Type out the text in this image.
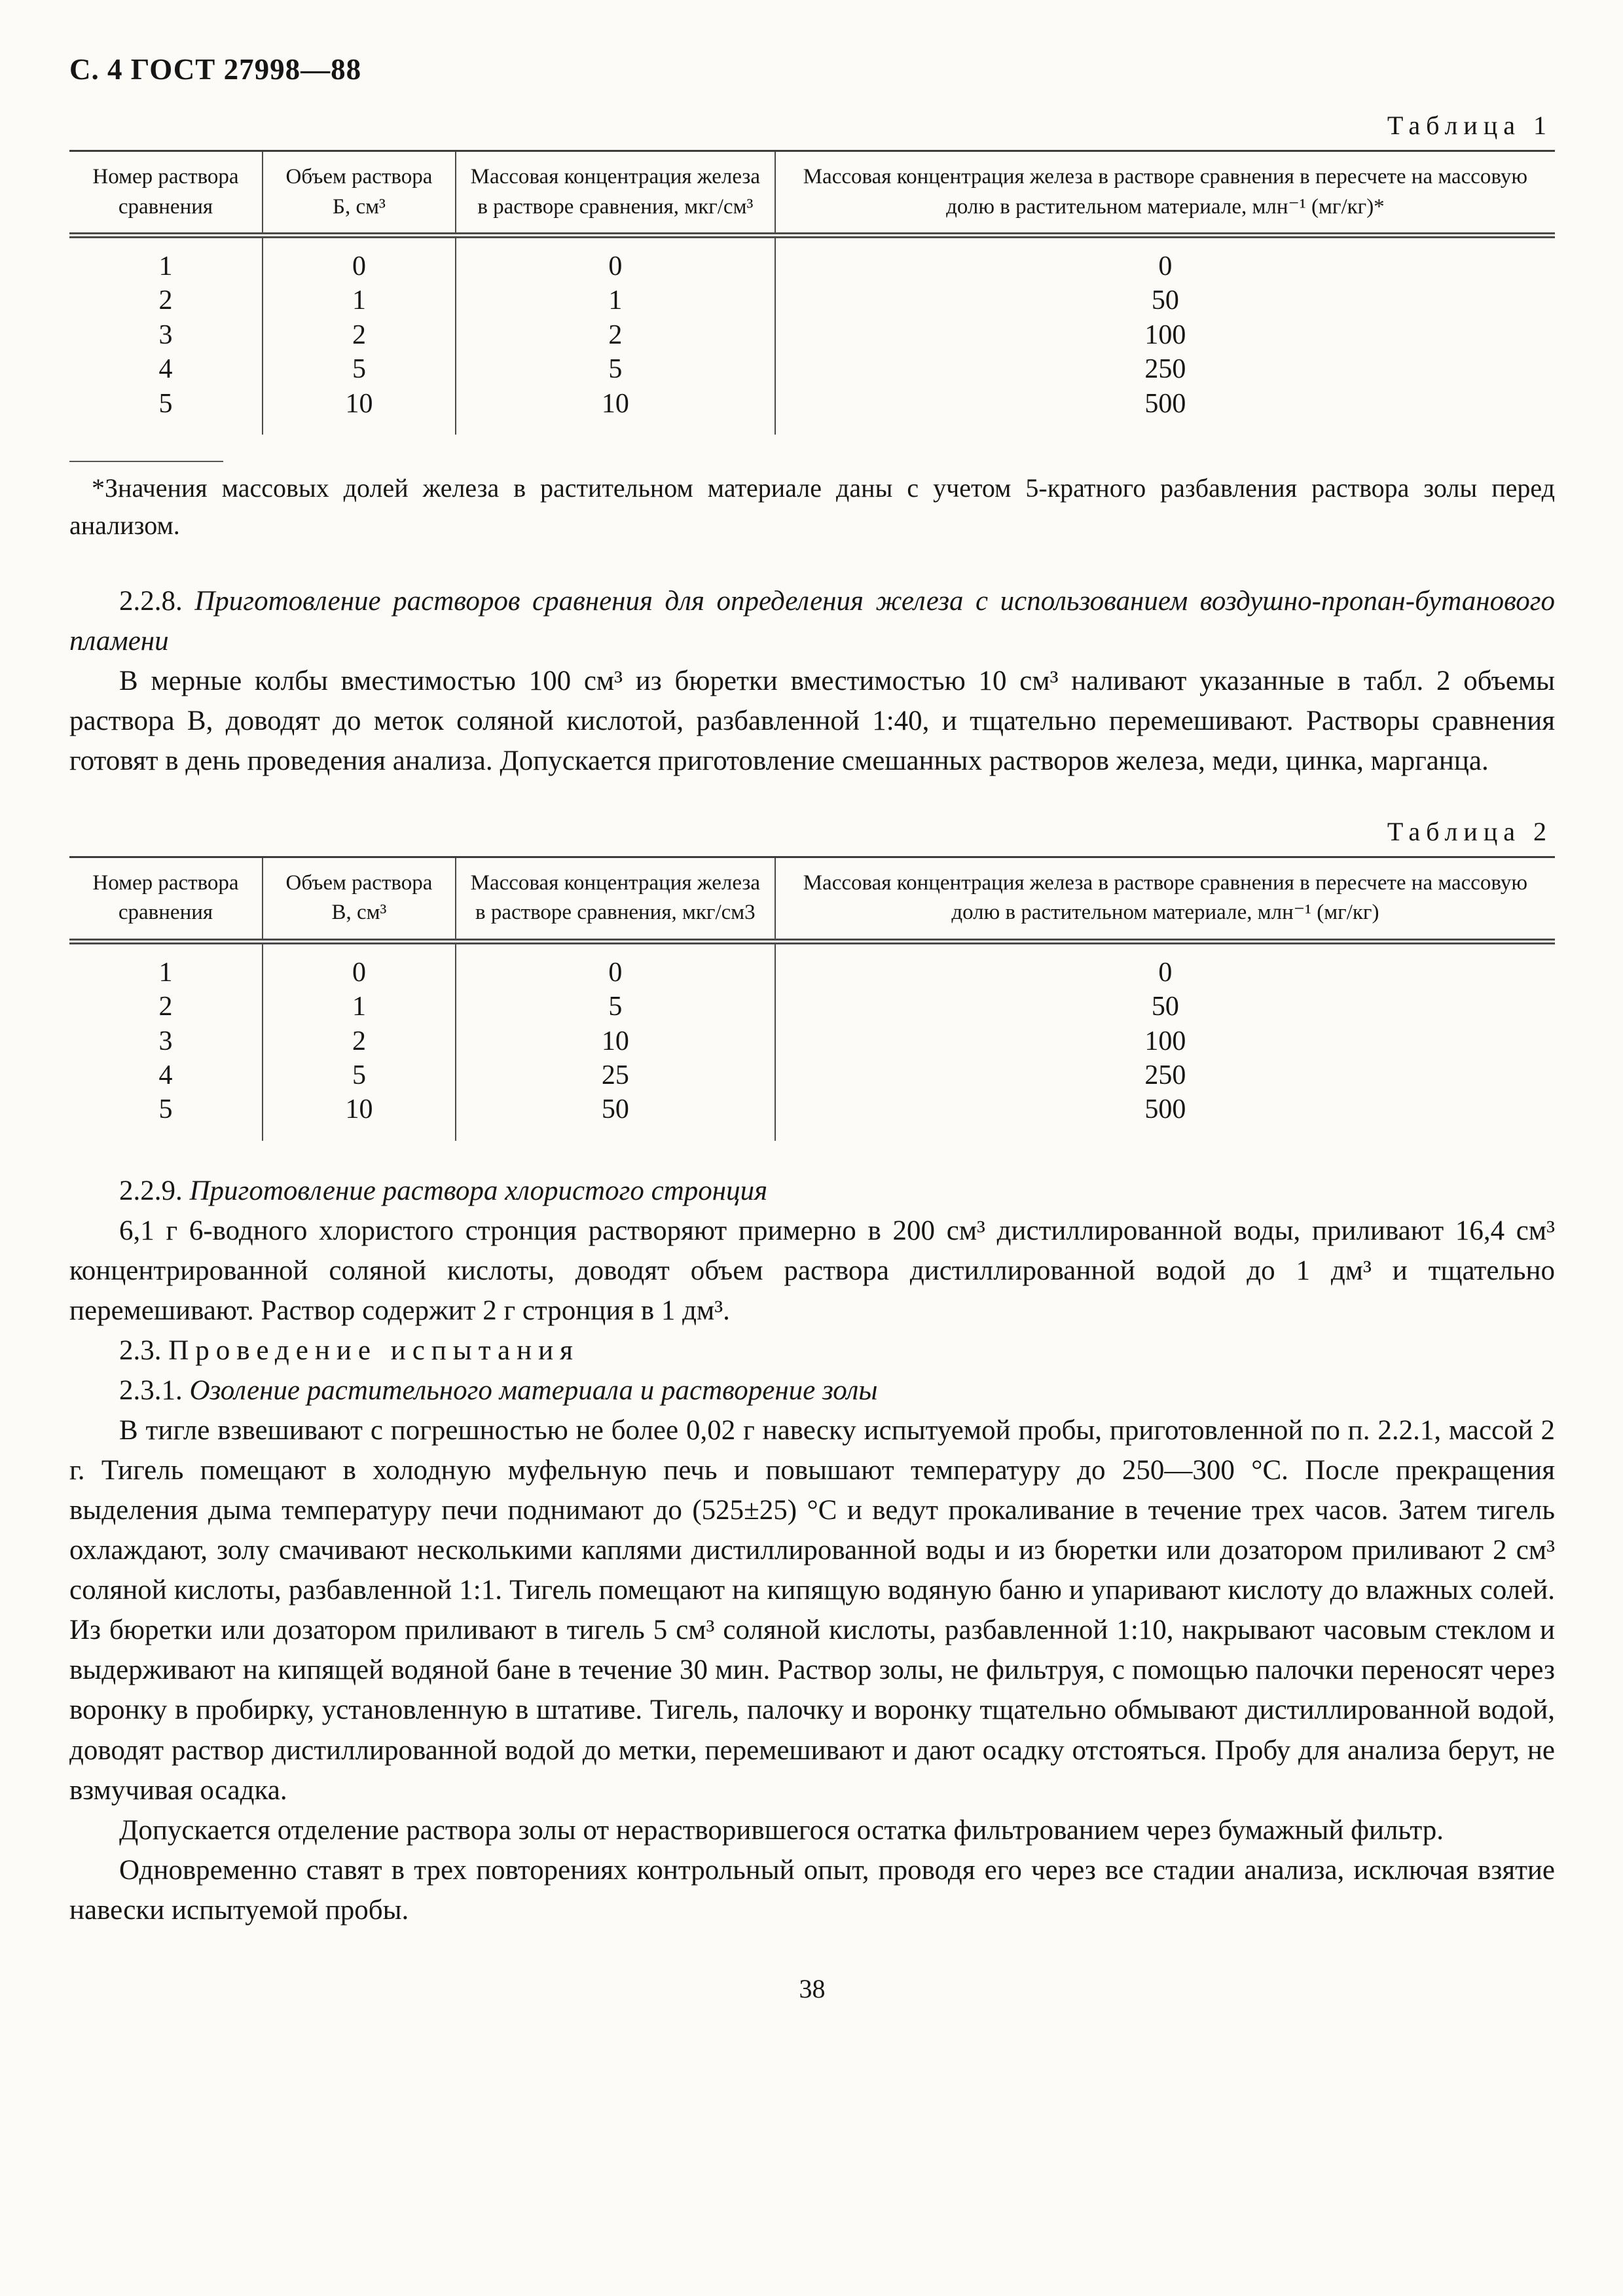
С. 4 ГОСТ 27998—88
Таблица 1
Номер раствора сравнения	Объем раствора Б, см³	Массовая концентрация железа в растворе сравнения, мкг/см³	Массовая концентрация железа в растворе сравнения в пересчете на массовую долю в растительном материале, млн⁻¹ (мг/кг)*
1	0	0	0
2	1	1	50
3	2	2	100
4	5	5	250
5	10	10	500

*Значения массовых долей железа в растительном материале даны с учетом 5-кратного разбавления раствора золы перед анализом.

2.2.8. Приготовление растворов сравнения для определения железа с использованием воздушно-пропан-бутанового пламени

В мерные колбы вместимостью 100 см³ из бюретки вместимостью 10 см³ наливают указанные в табл. 2 объемы раствора В, доводят до меток соляной кислотой, разбавленной 1:40, и тщательно перемешивают. Растворы сравнения готовят в день проведения анализа. Допускается приготовление смешанных растворов железа, меди, цинка, марганца.

Таблица 2
Номер раствора сравнения	Объем раствора В, см³	Массовая концентрация железа в растворе сравнения, мкг/см3	Массовая концентрация железа в растворе сравнения в пересчете на массовую долю в растительном материале, млн⁻¹ (мг/кг)
1	0	0	0
2	1	5	50
3	2	10	100
4	5	25	250
5	10	50	500

2.2.9. Приготовление раствора хлористого стронция

6,1 г 6-водного хлористого стронция растворяют примерно в 200 см³ дистиллированной воды, приливают 16,4 см³ концентрированной соляной кислоты, доводят объем раствора дистиллированной водой до 1 дм³ и тщательно перемешивают. Раствор содержит 2 г стронция в 1 дм³.

2.3. Проведение испытания

2.3.1. Озоление растительного материала и растворение золы

В тигле взвешивают с погрешностью не более 0,02 г навеску испытуемой пробы, приготовленной по п. 2.2.1, массой 2 г. Тигель помещают в холодную муфельную печь и повышают температуру до 250—300 °С. После прекращения выделения дыма температуру печи поднимают до (525±25) °С и ведут прокаливание в течение трех часов. Затем тигель охлаждают, золу смачивают несколькими каплями дистиллированной воды и из бюретки или дозатором приливают 2 см³ соляной кислоты, разбавленной 1:1. Тигель помещают на кипящую водяную баню и упаривают кислоту до влажных солей. Из бюретки или дозатором приливают в тигель 5 см³ соляной кислоты, разбавленной 1:10, накрывают часовым стеклом и выдерживают на кипящей водяной бане в течение 30 мин. Раствор золы, не фильтруя, с помощью палочки переносят через воронку в пробирку, установленную в штативе. Тигель, палочку и воронку тщательно обмывают дистиллированной водой, доводят раствор дистиллированной водой до метки, перемешивают и дают осадку отстояться. Пробу для анализа берут, не взмучивая осадка.

Допускается отделение раствора золы от нерастворившегося остатка фильтрованием через бумажный фильтр.

Одновременно ставят в трех повторениях контрольный опыт, проводя его через все стадии анализа, исключая взятие навески испытуемой пробы.

38
